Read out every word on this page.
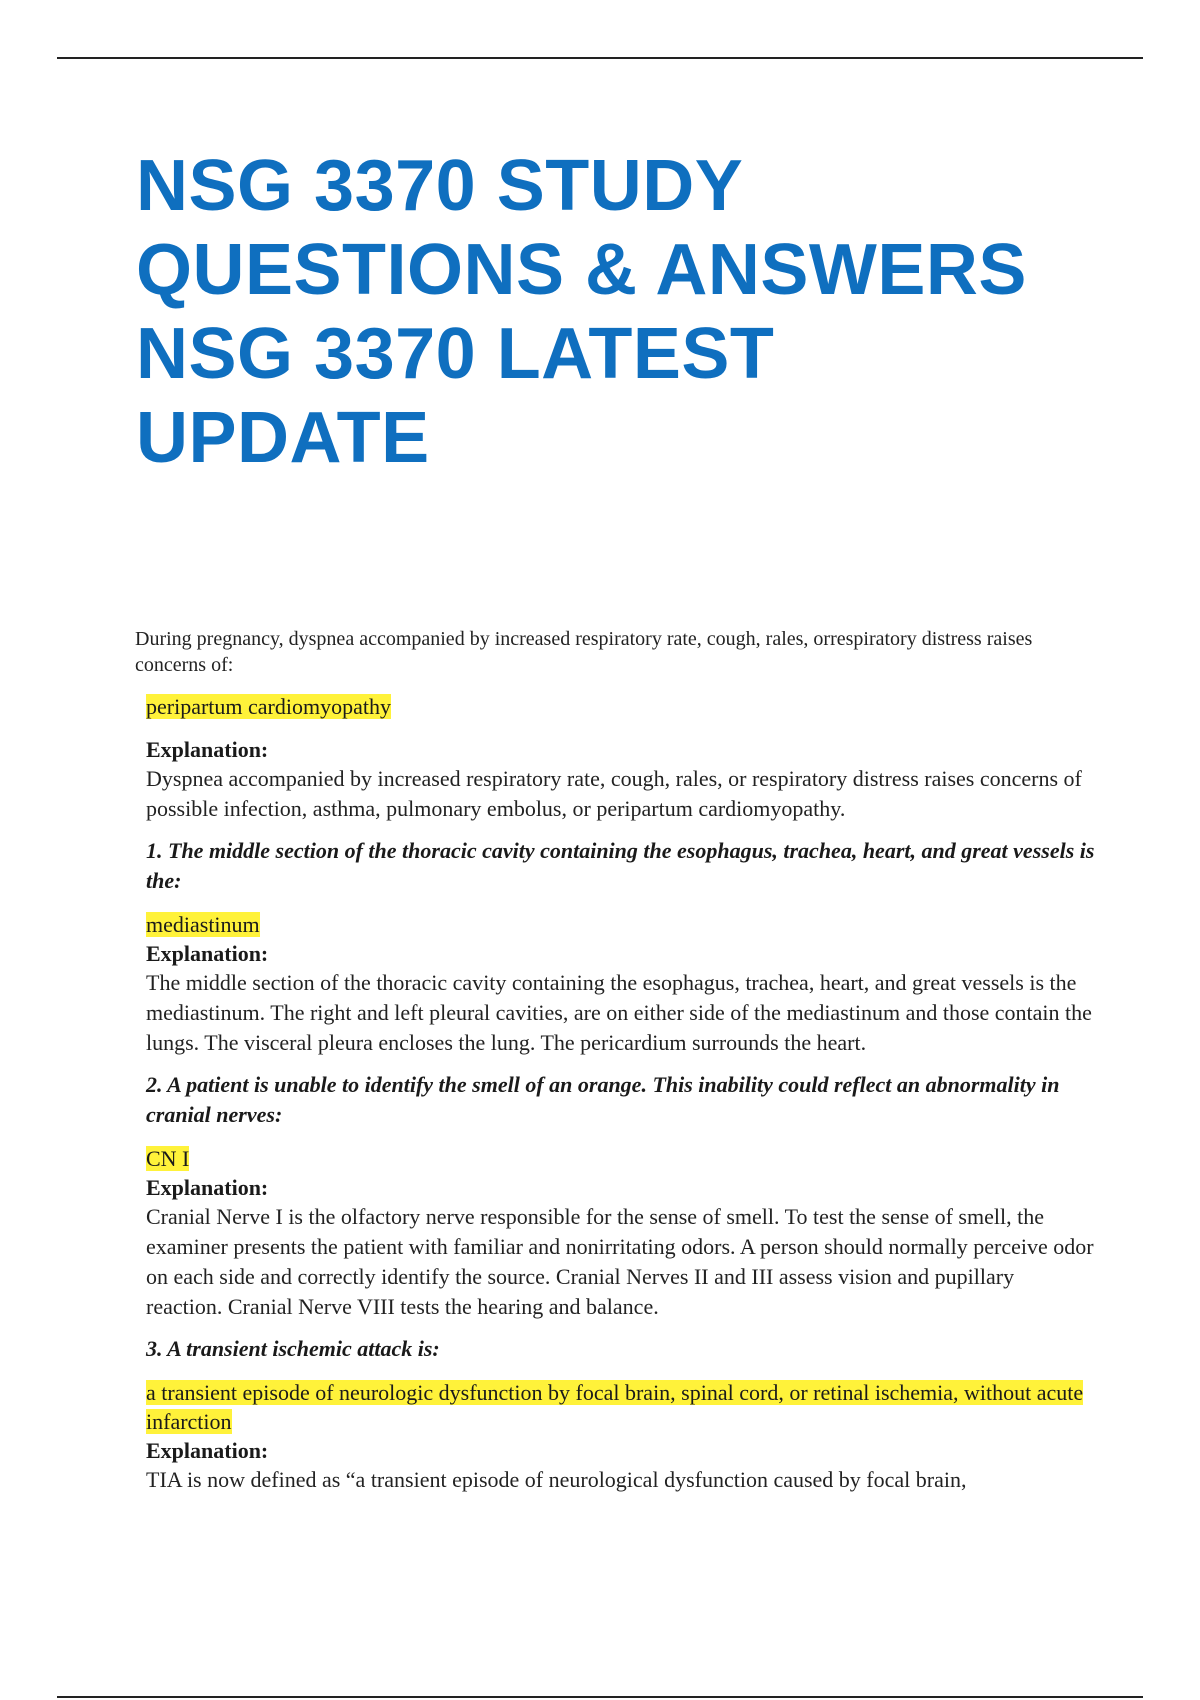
NSG 3370 STUDY
QUESTIONS & ANSWERS
NSG 3370 LATEST
UPDATE

During pregnancy, dyspnea accompanied by increased respiratory rate, cough, rales, orrespiratory distress raises concerns of:

peripartum cardiomyopathy

Explanation:

Dyspnea accompanied by increased respiratory rate, cough, rales, or respiratory distress raises concerns of possible infection, asthma, pulmonary embolus, or peripartum cardiomyopathy.

1. The middle section of the thoracic cavity containing the esophagus, trachea, heart, and great vessels is the:

mediastinum

Explanation:

The middle section of the thoracic cavity containing the esophagus, trachea, heart, and great vessels is the mediastinum. The right and left pleural cavities, are on either side of the mediastinum and those contain the lungs. The visceral pleura encloses the lung. The pericardium surrounds the heart.

2. A patient is unable to identify the smell of an orange. This inability could reflect an abnormality in cranial nerves:

CN I

Explanation:

Cranial Nerve I is the olfactory nerve responsible for the sense of smell. To test the sense of smell, the examiner presents the patient with familiar and nonirritating odors. A person should normally perceive odor on each side and correctly identify the source. Cranial Nerves II and III assess vision and pupillary reaction. Cranial Nerve VIII tests the hearing and balance.

3. A transient ischemic attack is:

a transient episode of neurologic dysfunction by focal brain, spinal cord, or retinal ischemia, without acute infarction

Explanation:

TIA is now defined as “a transient episode of neurological dysfunction caused by focal brain,
